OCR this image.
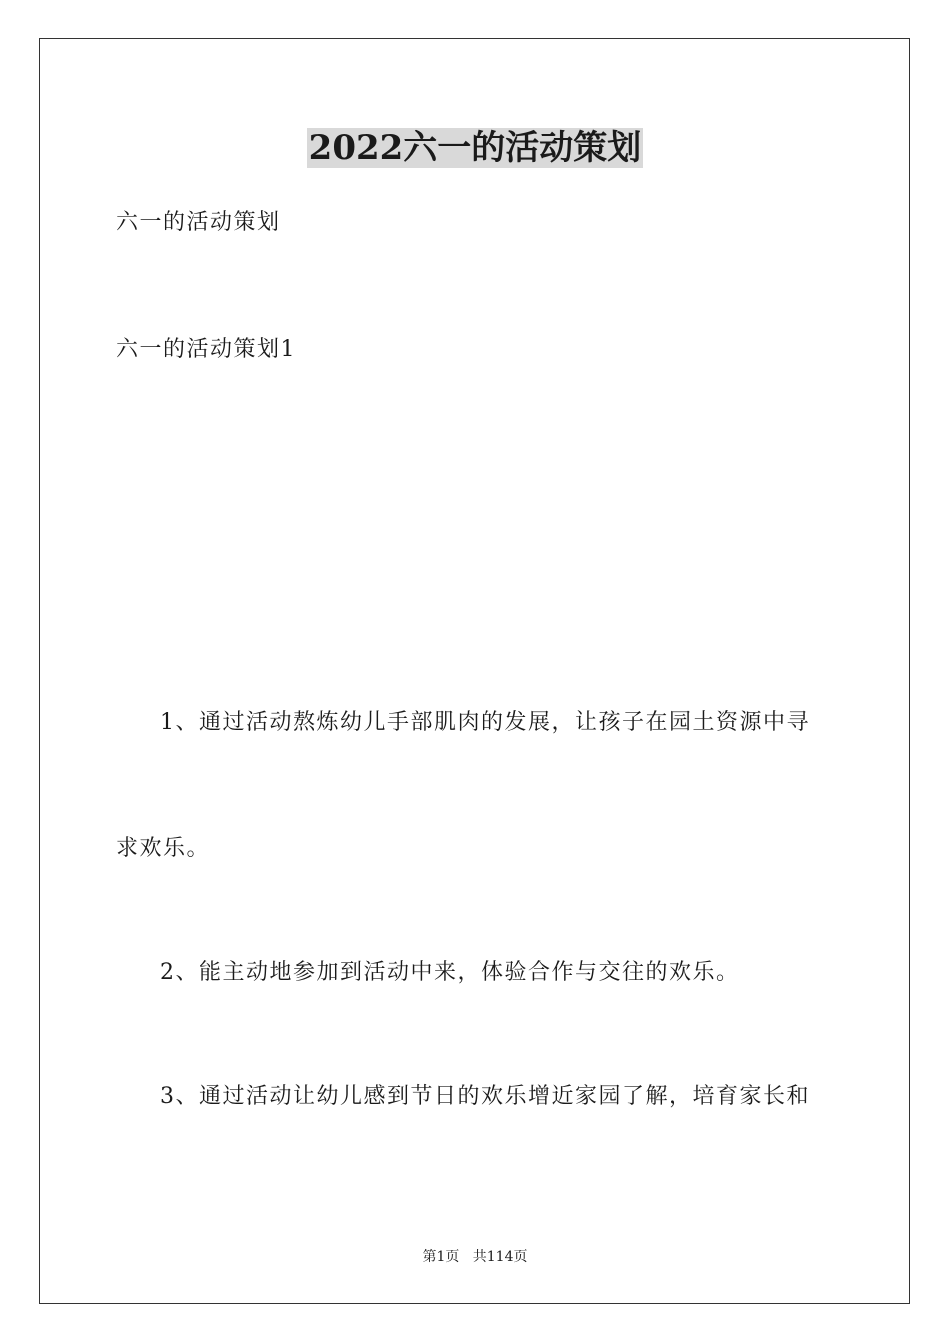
2022六一的活动策划

六一的活动策划

六一的活动策划1

1、通过活动熬炼幼儿手部肌肉的发展，让孩子在园土资源中寻

求欢乐。

2、能主动地参加到活动中来，体验合作与交往的欢乐。

3、通过活动让幼儿感到节日的欢乐增近家园了解，培育家长和

第1页   共114页
